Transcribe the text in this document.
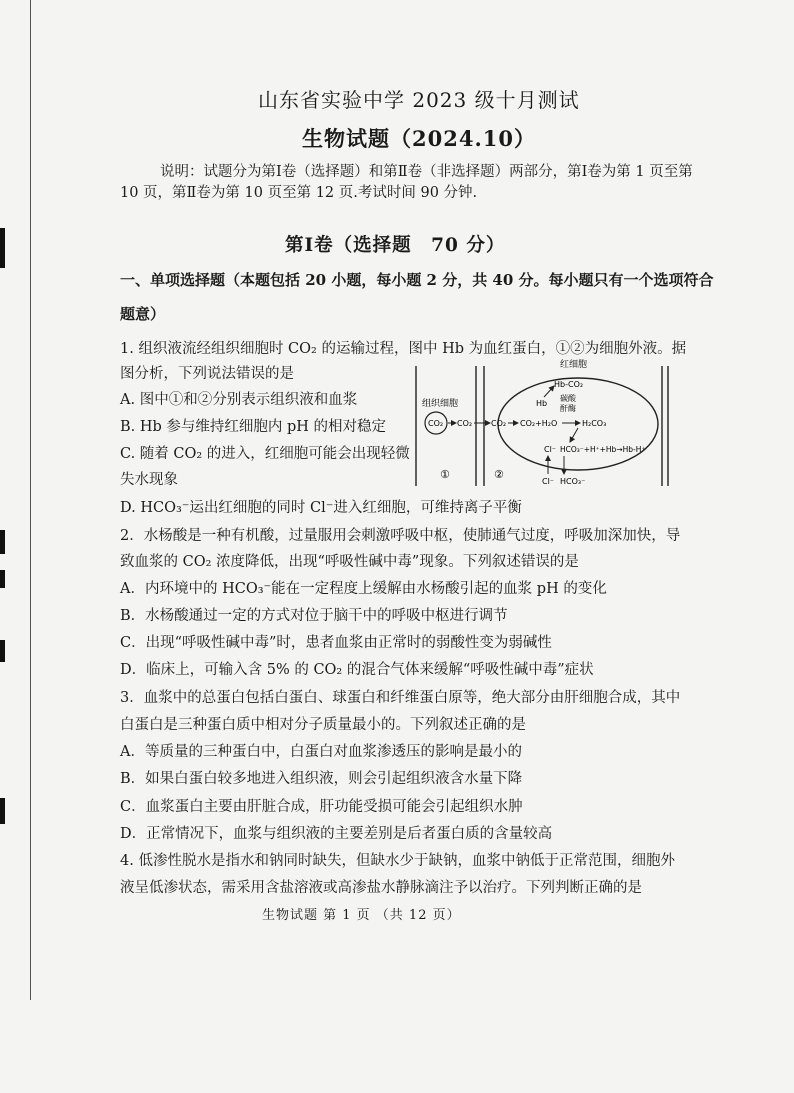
山东省实验中学 2023 级十月测试
生物试题（2024.10）
说明：试题分为第Ⅰ卷（选择题）和第Ⅱ卷（非选择题）两部分，第Ⅰ卷为第 1 页至第
10 页，第Ⅱ卷为第 10 页至第 12 页.考试时间 90 分钟.
第Ⅰ卷（选择题　70 分）
一、单项选择题（本题包括 20 小题，每小题 2 分，共 40 分。每小题只有一个选项符合
题意）
1. 组织液流经组织细胞时 CO₂ 的运输过程，图中 Hb 为血红蛋白，①②为细胞外液。据
图分析，下列说法错误的是
A. 图中①和②分别表示组织液和血浆
B. Hb 参与维持红细胞内 pH 的相对稳定
C. 随着 CO₂ 的进入，红细胞可能会出现轻微
失水现象
D. HCO₃⁻运出红细胞的同时 Cl⁻进入红细胞，可维持离子平衡
红细胞
组织细胞
CO₂ CO₂ CO₂
Hb-CO₂
Hb
碳酸
酐酶
CO₂+H₂O	H₂CO₃
Cl⁻ HCO₃⁻+H⁺+Hb→Hb-H⁺
Cl⁻ HCO₃⁻
①	②
2．水杨酸是一种有机酸，过量服用会刺激呼吸中枢，使肺通气过度，呼吸加深加快，导
致血浆的 CO₂ 浓度降低，出现“呼吸性碱中毒”现象。下列叙述错误的是
A．内环境中的 HCO₃⁻能在一定程度上缓解由水杨酸引起的血浆 pH 的变化
B．水杨酸通过一定的方式对位于脑干中的呼吸中枢进行调节
C．出现“呼吸性碱中毒”时，患者血浆由正常时的弱酸性变为弱碱性
D．临床上，可输入含 5% 的 CO₂ 的混合气体来缓解“呼吸性碱中毒”症状
3．血浆中的总蛋白包括白蛋白、球蛋白和纤维蛋白原等，绝大部分由肝细胞合成，其中
白蛋白是三种蛋白质中相对分子质量最小的。下列叙述正确的是
A．等质量的三种蛋白中，白蛋白对血浆渗透压的影响是最小的
B．如果白蛋白较多地进入组织液，则会引起组织液含水量下降
C．血浆蛋白主要由肝脏合成，肝功能受损可能会引起组织水肿
D．正常情况下，血浆与组织液的主要差别是后者蛋白质的含量较高
4. 低渗性脱水是指水和钠同时缺失，但缺水少于缺钠，血浆中钠低于正常范围，细胞外
液呈低渗状态，需采用含盐溶液或高渗盐水静脉滴注予以治疗。下列判断正确的是
生物试题 第 1 页 （共 12 页）
